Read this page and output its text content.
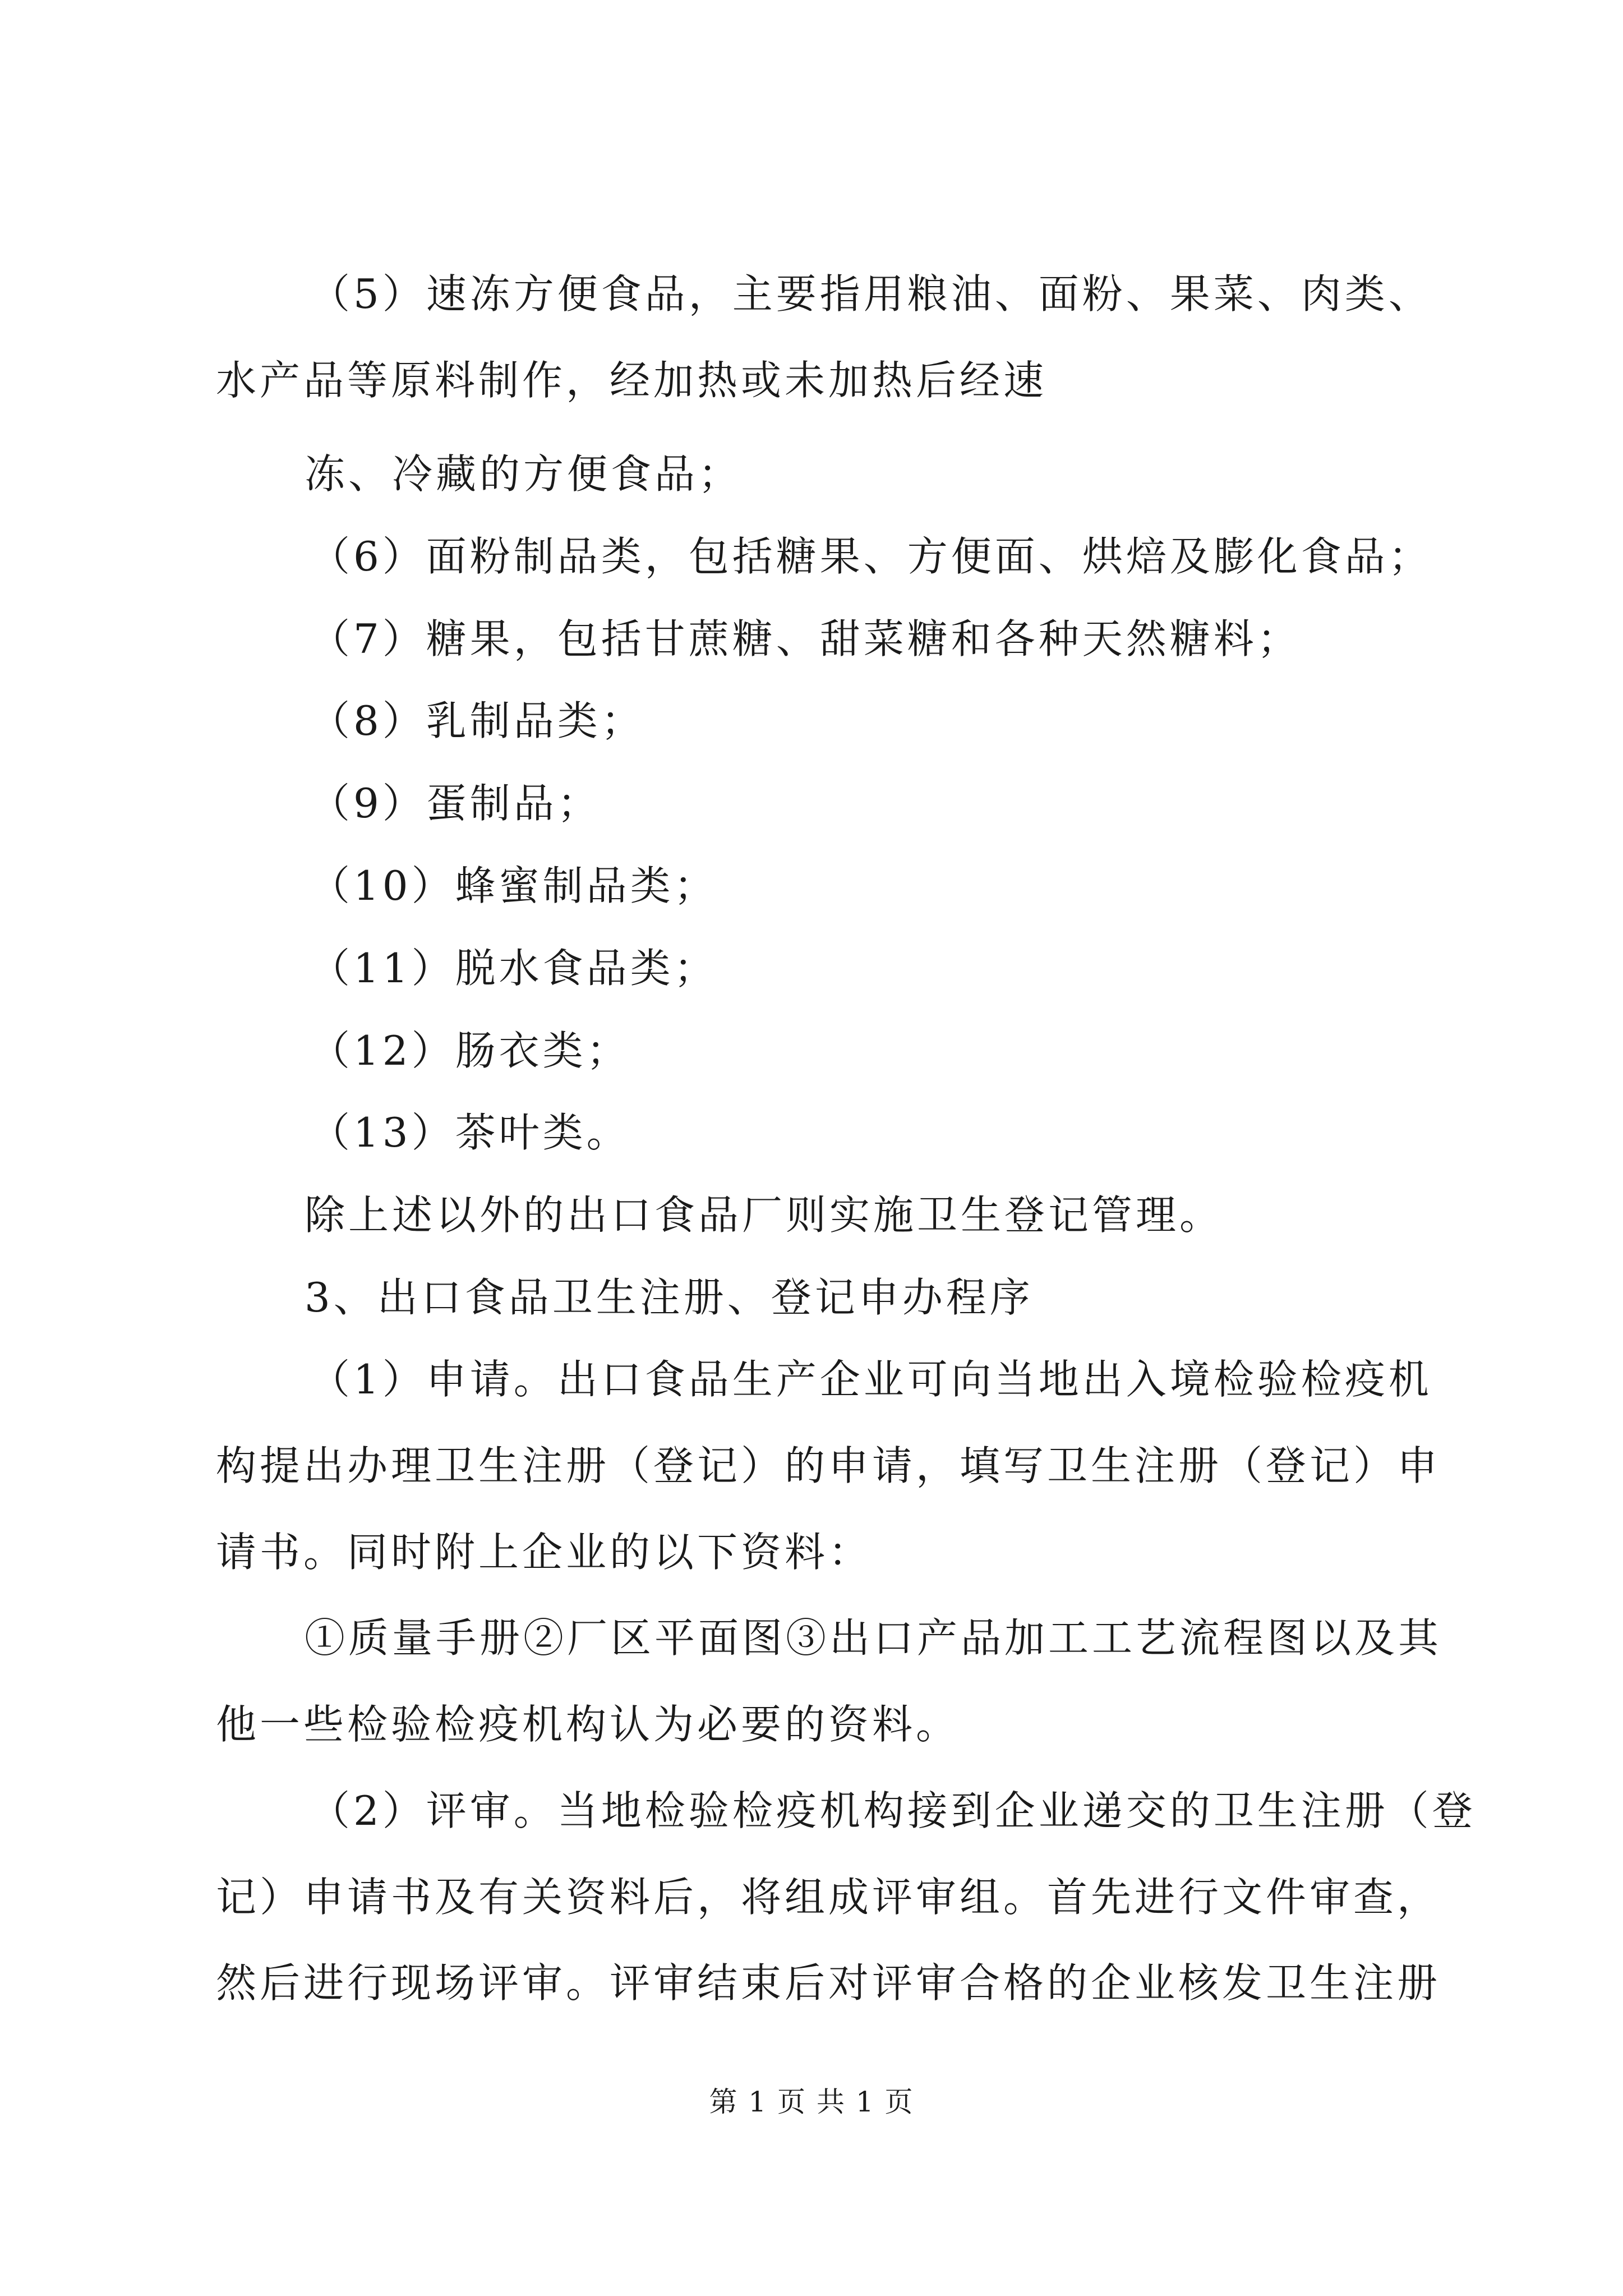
（5）速冻方便食品，主要指用粮油、面粉、果菜、肉类、
水产品等原料制作，经加热或未加热后经速
冻、冷藏的方便食品；
（6）面粉制品类，包括糖果、方便面、烘焙及膨化食品；
（7）糖果，包括甘蔗糖、甜菜糖和各种天然糖料；
（8）乳制品类；
（9）蛋制品；
（10）蜂蜜制品类；
（11）脱水食品类；
（12）肠衣类；
（13）茶叶类。
除上述以外的出口食品厂则实施卫生登记管理。
3、出口食品卫生注册、登记申办程序
（1）申请。出口食品生产企业可向当地出入境检验检疫机
构提出办理卫生注册（登记）的申请，填写卫生注册（登记）申
请书。同时附上企业的以下资料：
①质量手册②厂区平面图③出口产品加工工艺流程图以及其
他一些检验检疫机构认为必要的资料。
（2）评审。当地检验检疫机构接到企业递交的卫生注册（登
记）申请书及有关资料后，将组成评审组。首先进行文件审查，
然后进行现场评审。评审结束后对评审合格的企业核发卫生注册
第 1 页 共 1 页
